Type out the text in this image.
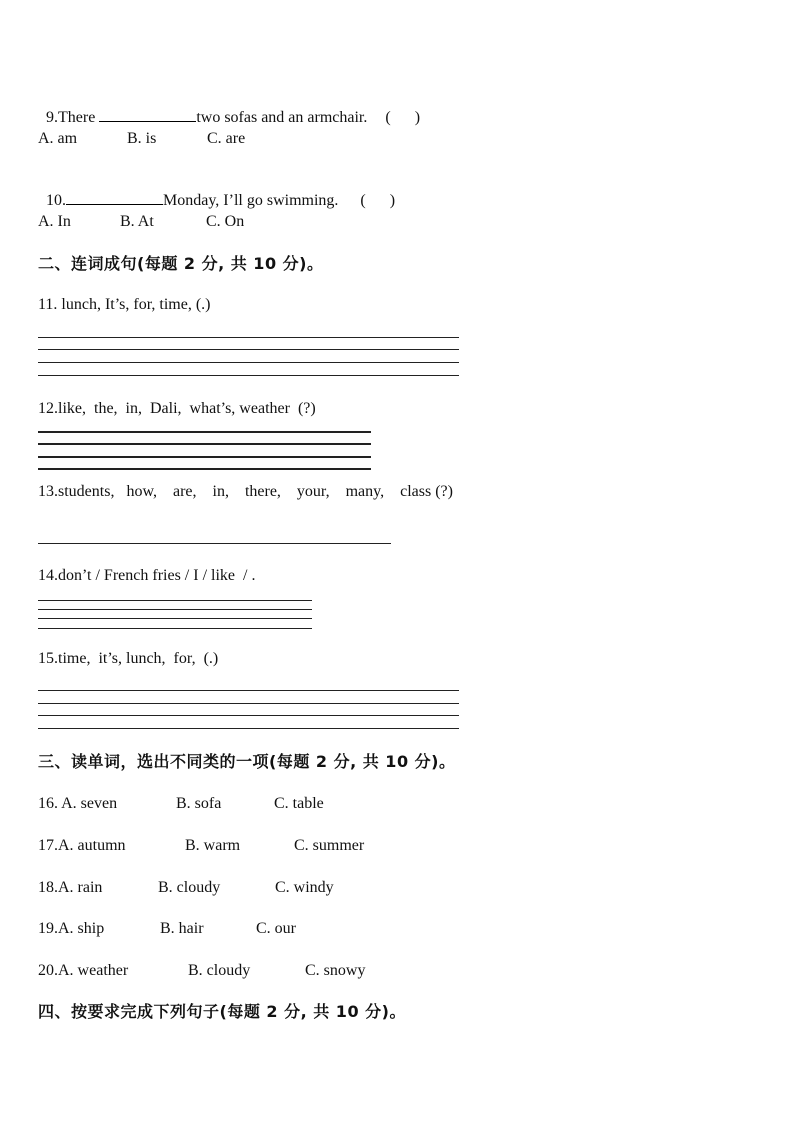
9.There	two sofas and an armchair. (      )

A. am	B. is	C. are

10.	Monday, I’ll go swimming. (      )

A. In	B. At	C. On
二、连词成句(每题 2 分, 共 10 分)。
11. lunch, It’s, for, time, (.)
12.like,  the,  in,  Dali,  what’s, weather  (?)
13.students,   how,    are,    in,    there,    your,    many,    class (?)
14.don’t / French fries / I / like  / .
15.time,  it’s, lunch,  for,  (.)
三、读单词，选出不同类的一项(每题 2 分, 共 10 分)。
16. A. seven	B. sofa	C. table
17.A. autumn	B. warm	C. summer
18.A. rain	B. cloudy	C. windy
19.A. ship	B. hair	C. our
20.A. weather	B. cloudy	C. snowy
四、按要求完成下列句子(每题 2 分, 共 10 分)。
